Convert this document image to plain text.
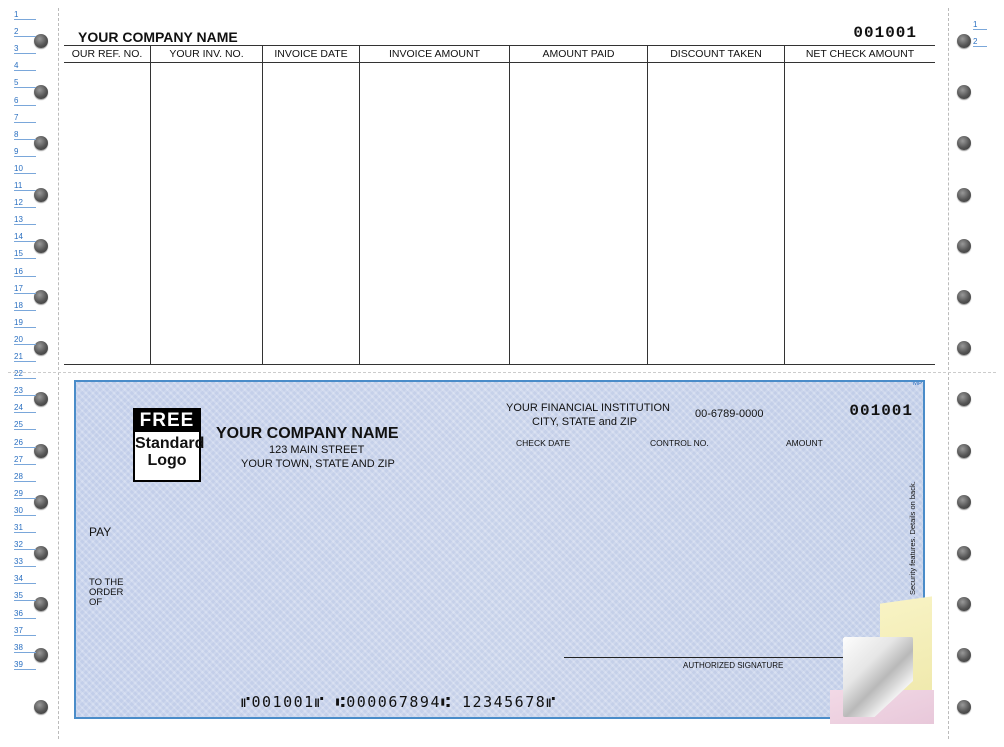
1
2
3
4
5
6
7
8
9
10
11
12
13
14
15
16
17
18
19
20
21
22
23
24
25
26
27
28
29
30
31
32
33
34
35
36
37
38
39
1
2
YOUR COMPANY NAME	001001
OUR REF. NO.	YOUR INV. NO.	INVOICE DATE	INVOICE AMOUNT	AMOUNT PAID	DISCOUNT TAKEN	NET CHECK AMOUNT
MP
FREE
Standard
Logo
YOUR COMPANY NAME
123 MAIN STREET
YOUR TOWN, STATE AND ZIP
YOUR FINANCIAL INSTITUTION
CITY, STATE and ZIP
00-6789-0000	001001
CHECK DATE	CONTROL NO.	AMOUNT
PAY
TO THE
ORDER
OF
Security features. Details on back.
AUTHORIZED SIGNATURE
⑈001001⑈ ⑆000067894⑆ 12345678⑈
